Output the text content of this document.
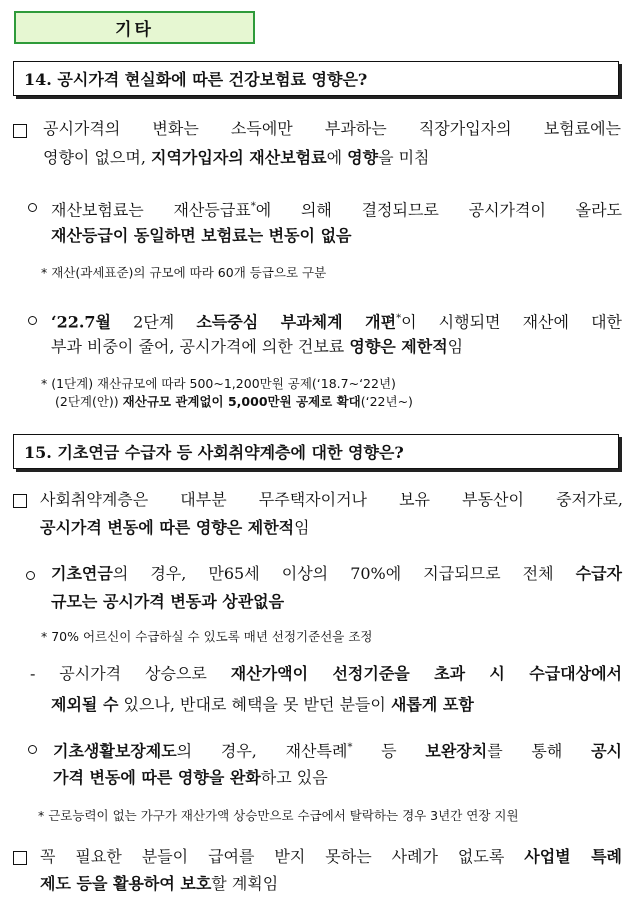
기타
14. 공시가격 현실화에 따른 건강보험료 영향은?
공시가격의 변화는 소득에만 부과하는 직장가입자의 보험료에는
영향이 없으며, 지역가입자의 재산보험료에 영향을 미침
재산보험료는 재산등급표*에 의해 결정되므로 공시가격이 올라도
재산등급이 동일하면 보험료는 변동이 없음
* 재산(과세표준)의 규모에 따라 60개 등급으로 구분
‘22.7월 2단계 소득중심 부과체계 개편*이 시행되면 재산에 대한
부과 비중이 줄어, 공시가격에 의한 건보료 영향은 제한적임
* (1단계) 재산규모에 따라 500~1,200만원 공제(‘18.7~‘22년)
(2단계(안)) 재산규모 관계없이 5,000만원 공제로 확대(‘22년~)
15. 기초연금 수급자 등 사회취약계층에 대한 영향은?
사회취약계층은 대부분 무주택자이거나 보유 부동산이 중저가로,
공시가격 변동에 따른 영향은 제한적임
기초연금의 경우, 만65세 이상의 70%에 지급되므로 전체 수급자
규모는 공시가격 변동과 상관없음
* 70% 어르신이 수급하실 수 있도록 매년 선정기준선을 조정
- 공시가격 상승으로 재산가액이 선정기준을 초과 시 수급대상에서
제외될 수 있으나, 반대로 혜택을 못 받던 분들이 새롭게 포함
기초생활보장제도의 경우, 재산특례* 등 보완장치를 통해 공시
가격 변동에 따른 영향을 완화하고 있음
* 근로능력이 없는 가구가 재산가액 상승만으로 수급에서 탈락하는 경우 3년간 연장 지원
꼭 필요한 분들이 급여를 받지 못하는 사례가 없도록 사업별 특례
제도 등을 활용하여 보호할 계획임
